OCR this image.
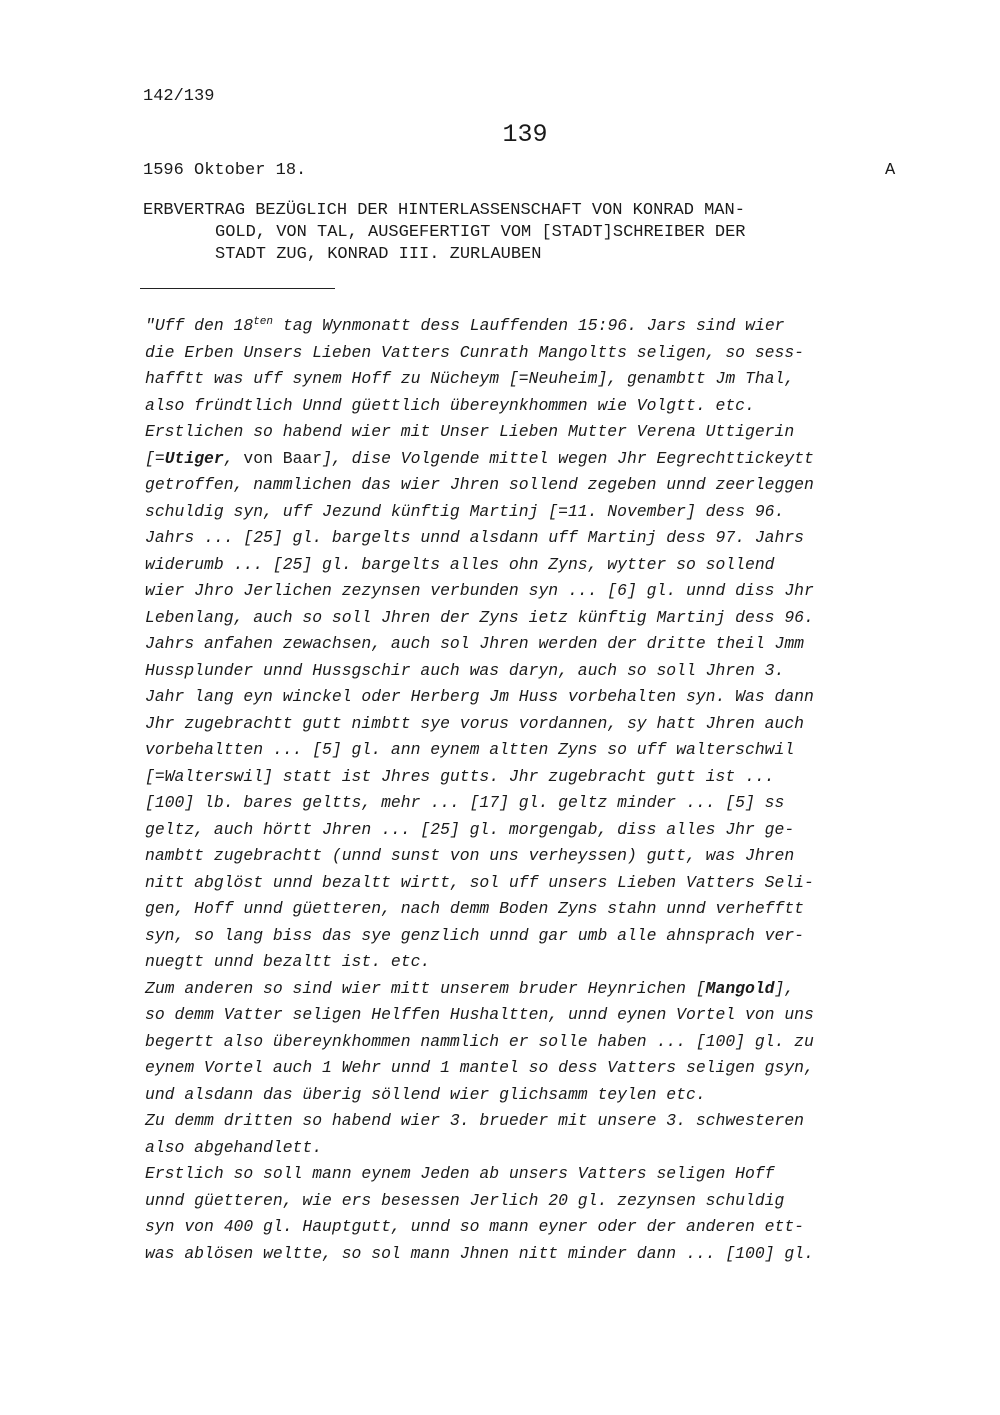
142/139
139
1596 Oktober 18.	A
ERBVERTRAG BEZÜGLICH DER HINTERLASSENSCHAFT VON KONRAD MAN-
GOLD, VON TAL, AUSGEFERTIGT VOM [STADT]SCHREIBER DER
STADT ZUG, KONRAD III. ZURLAUBEN
"Uff den $18^{ten}$ tag Wynmonatt dess Lauffenden 15:96. Jars sind wier
die Erben Unsers Lieben Vatters Cunrath Mangoltts seligen, so sess-
hafftt was uff synem Hoff zu Nücheym [=Neuheim], genambtt Jm Thal,
also fründtlich Unnd güettlich übereynkhommen wie Volgtt. etc.
Erstlichen so habend wier mit Unser Lieben Mutter Verena Uttigerin
[=Utiger, von Baar], dise Volgende mittel wegen Jhr Eegrechttickeytt
getroffen, nammlichen das wier Jhren sollend zegeben unnd zeerleggen
schuldig syn, uff Jezund künftig Martinj [=11. November] dess 96.
Jahrs ... [25] gl. bargelts unnd alsdann uff Martinj dess 97. Jahrs
widerumb ... [25] gl. bargelts alles ohn Zyns, wytter so sollend
wier Jhro Jerlichen zezynsen verbunden syn ... [6] gl. unnd diss Jhr
Lebenlang, auch so soll Jhren der Zyns ietz künftig Martinj dess 96.
Jahrs anfahen zewachsen, auch sol Jhren werden der dritte theil Jmm
Hussplunder unnd Hussgschir auch was daryn, auch so soll Jhren 3.
Jahr lang eyn winckel oder Herberg Jm Huss vorbehalten syn. Was dann
Jhr zugebrachtt gutt nimbtt sye vorus vordannen, sy hatt Jhren auch
vorbehaltten ... [5] gl. ann eynem altten Zyns so uff walterschwil
[=Walterswil] statt ist Jhres gutts. Jhr zugebracht gutt ist ...
[100] lb. bares geltts, mehr ... [17] gl. geltz minder ... [5] ss
geltz, auch hörtt Jhren ... [25] gl. morgengab, diss alles Jhr ge-
nambtt zugebrachtt (unnd sunst von uns verheyssen) gutt, was Jhren
nitt abglöst unnd bezaltt wirtt, sol uff unsers Lieben Vatters Seli-
gen, Hoff unnd güetteren, nach demm Boden Zyns stahn unnd verhefftt
syn, so lang biss das sye genzlich unnd gar umb alle ahnsprach ver-
nuegtt unnd bezaltt ist. etc.
Zum anderen so sind wier mitt unserem bruder Heynrichen [Mangold],
so demm Vatter seligen Helffen Hushaltten, unnd eynen Vortel von uns
begertt also übereynkhommen nammlich er solle haben ... [100] gl. zu
eynem Vortel auch 1 Wehr unnd 1 mantel so dess Vatters seligen gsyn,
und alsdann das überig söllend wier glichsamm teylen etc.
Zu demm dritten so habend wier 3. brueder mit unsere 3. schwesteren
also abgehandlett.
Erstlich so soll mann eynem Jeden ab unsers Vatters seligen Hoff
unnd güetteren, wie ers besessen Jerlich 20 gl. zezynsen schuldig
syn von 400 gl. Hauptgutt, unnd so mann eyner oder der anderen ett-
was ablösen weltte, so sol mann Jhnen nitt minder dann ... [100] gl.
